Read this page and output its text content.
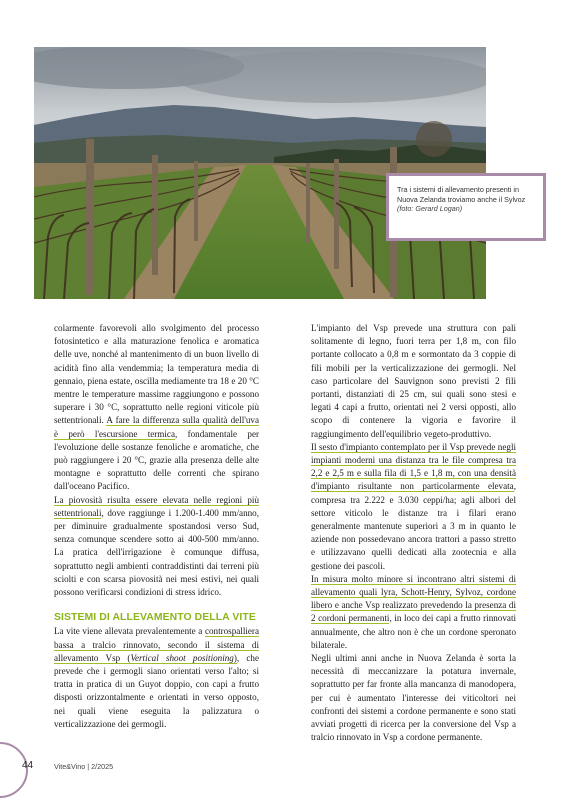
Tra i sistemi di allevamento presenti in Nuova Zelanda troviamo anche il Sylvoz
(foto: Gerard Logan)

colarmente favorevoli allo svolgimento del processo fotosintetico e alla maturazione fenolica e aromatica delle uve, nonché al mantenimento di un buon livello di acidità fino alla vendemmia; la temperatura media di gennaio, piena estate, oscilla mediamente tra 18 e 20 °C mentre le temperature massime raggiungono e possono superare i 30 °C, soprattutto nelle regioni viticole più settentrionali. A fare la differenza sulla qualità dell'uva è però l'escursione termica, fondamentale per l'evoluzione delle sostanze fenoliche e aromatiche, che può raggiungere i 20 °C, grazie alla presenza delle alte montagne e soprattutto delle correnti che spirano dall'oceano Pacifico.

La piovosità risulta essere elevata nelle regioni più settentrionali, dove raggiunge i 1.200-1.400 mm/anno, per diminuire gradualmente spostandosi verso Sud, senza comunque scendere sotto ai 400-500 mm/anno. La pratica dell'irrigazione è comunque diffusa, soprattutto negli ambienti contraddistinti dai terreni più sciolti e con scarsa piovosità nei mesi estivi, nei quali possono verificarsi condizioni di stress idrico.

SISTEMI DI ALLEVAMENTO DELLA VITE

La vite viene allevata prevalentemente a controspalliera bassa a tralcio rinnovato, secondo il sistema di allevamento Vsp (Vertical shoot positioning), che prevede che i germogli siano orientati verso l'alto; si tratta in pratica di un Guyot doppio, con capi a frutto disposti orizzontalmente e orientati in verso opposto, nei quali viene eseguita la palizzatura o verticalizzazione dei germogli.

L'impianto del Vsp prevede una struttura con pali solitamente di legno, fuori terra per 1,8 m, con filo portante collocato a 0,8 m e sormontato da 3 coppie di fili mobili per la verticalizzazione dei germogli. Nel caso particolare del Sauvignon sono previsti 2 fili portanti, distanziati di 25 cm, sui quali sono stesi e legati 4 capi a frutto, orientati nei 2 versi opposti, allo scopo di contenere la vigoria e favorire il raggiungimento dell'equilibrio vegeto-produttivo.

Il sesto d'impianto contemplato per il Vsp prevede negli impianti moderni una distanza tra le file compresa tra 2,2 e 2,5 m e sulla fila di 1,5 e 1,8 m, con una densità d'impianto risultante non particolarmente elevata, compresa tra 2.222 e 3.030 ceppi/ha; agli albori del settore viticolo le distanze tra i filari erano generalmente mantenute superiori a 3 m in quanto le aziende non possedevano ancora trattori a passo stretto e utilizzavano quelli dedicati alla zootecnia e alla gestione dei pascoli.

In misura molto minore si incontrano altri sistemi di allevamento quali lyra, Schott-Henry, Sylvoz, cordone libero e anche Vsp realizzato prevedendo la presenza di 2 cordoni permanenti, in loco dei capi a frutto rinnovati annualmente, che altro non è che un cordone speronato bilaterale.

Negli ultimi anni anche in Nuova Zelanda è sorta la necessità di meccanizzare la potatura invernale, soprattutto per far fronte alla mancanza di manodopera, per cui è aumentato l'interesse dei viticoltori nei confronti dei sistemi a cordone permanente e sono stati avviati progetti di ricerca per la conversione del Vsp a tralcio rinnovato in Vsp a cordone permanente.

44	Vite&Vino | 2/2025
